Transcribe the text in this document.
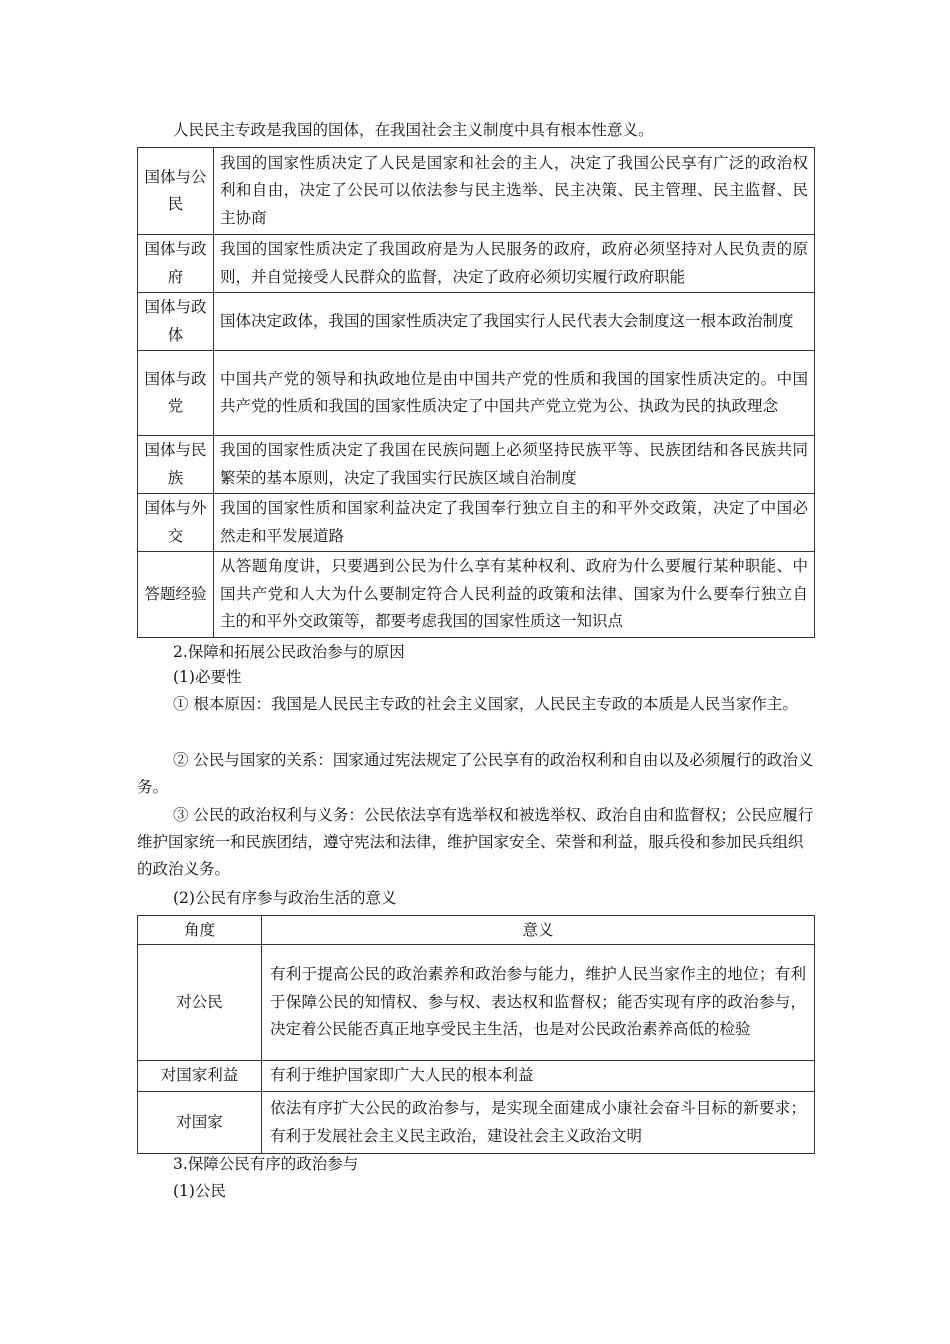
人民民主专政是我国的国体，在我国社会主义制度中具有根本性意义。

国体与公民	我国的国家性质决定了人民是国家和社会的主人，决定了我国公民享有广泛的政治权利和自由，决定了公民可以依法参与民主选举、民主决策、民主管理、民主监督、民主协商
国体与政府	我国的国家性质决定了我国政府是为人民服务的政府，政府必须坚持对人民负责的原则，并自觉接受人民群众的监督，决定了政府必须切实履行政府职能
国体与政体	国体决定政体，我国的国家性质决定了我国实行人民代表大会制度这一根本政治制度
国体与政党	中国共产党的领导和执政地位是由中国共产党的性质和我国的国家性质决定的。中国共产党的性质和我国的国家性质决定了中国共产党立党为公、执政为民的执政理念
国体与民族	我国的国家性质决定了我国在民族问题上必须坚持民族平等、民族团结和各民族共同繁荣的基本原则，决定了我国实行民族区域自治制度
国体与外交	我国的国家性质和国家利益决定了我国奉行独立自主的和平外交政策，决定了中国必然走和平发展道路
答题经验	从答题角度讲，只要遇到公民为什么享有某种权利、政府为什么要履行某种职能、中国共产党和人大为什么要制定符合人民利益的政策和法律、国家为什么要奉行独立自主的和平外交政策等，都要考虑我国的国家性质这一知识点

2.保障和拓展公民政治参与的原因

(1)必要性

① 根本原因：我国是人民民主专政的社会主义国家，人民民主专政的本质是人民当家作主。

② 公民与国家的关系：国家通过宪法规定了公民享有的政治权利和自由以及必须履行的政治义务。

③ 公民的政治权利与义务：公民依法享有选举权和被选举权、政治自由和监督权；公民应履行维护国家统一和民族团结，遵守宪法和法律，维护国家安全、荣誉和利益，服兵役和参加民兵组织的政治义务。

(2)公民有序参与政治生活的意义

角度	意义
对公民	有利于提高公民的政治素养和政治参与能力，维护人民当家作主的地位；有利于保障公民的知情权、参与权、表达权和监督权；能否实现有序的政治参与，决定着公民能否真正地享受民主生活，也是对公民政治素养高低的检验
对国家利益	有利于维护国家即广大人民的根本利益
对国家	依法有序扩大公民的政治参与，是实现全面建成小康社会奋斗目标的新要求；有利于发展社会主义民主政治，建设社会主义政治文明

3.保障公民有序的政治参与

(1)公民
